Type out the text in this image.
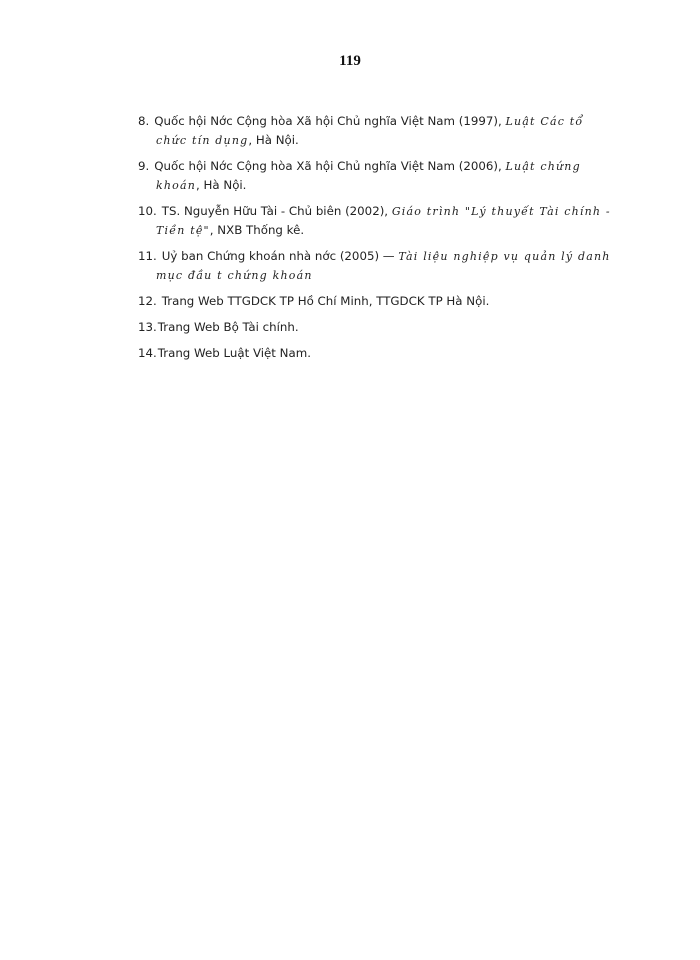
119
8. Quốc hội Nớc Cộng hòa Xã hội Chủ nghĩa Việt Nam (1997), Luật Các tổ
chức tín dụng, Hà Nội.
9. Quốc hội Nớc Cộng hòa Xã hội Chủ nghĩa Việt Nam (2006), Luật chứng
khoán, Hà Nội.
10. TS. Nguyễn Hữu Tài - Chủ biên (2002), Giáo trình "Lý thuyết Tài chính -
Tiền tệ", NXB Thống kê.
11. Uỷ ban Chứng khoán nhà nớc (2005) — Tài liệu nghiệp vụ quản lý danh
mục đầu t chứng khoán
12. Trang Web TTGDCK TP Hồ Chí Minh, TTGDCK TP Hà Nội.
13.Trang Web Bộ Tài chính.
14.Trang Web Luật Việt Nam.
